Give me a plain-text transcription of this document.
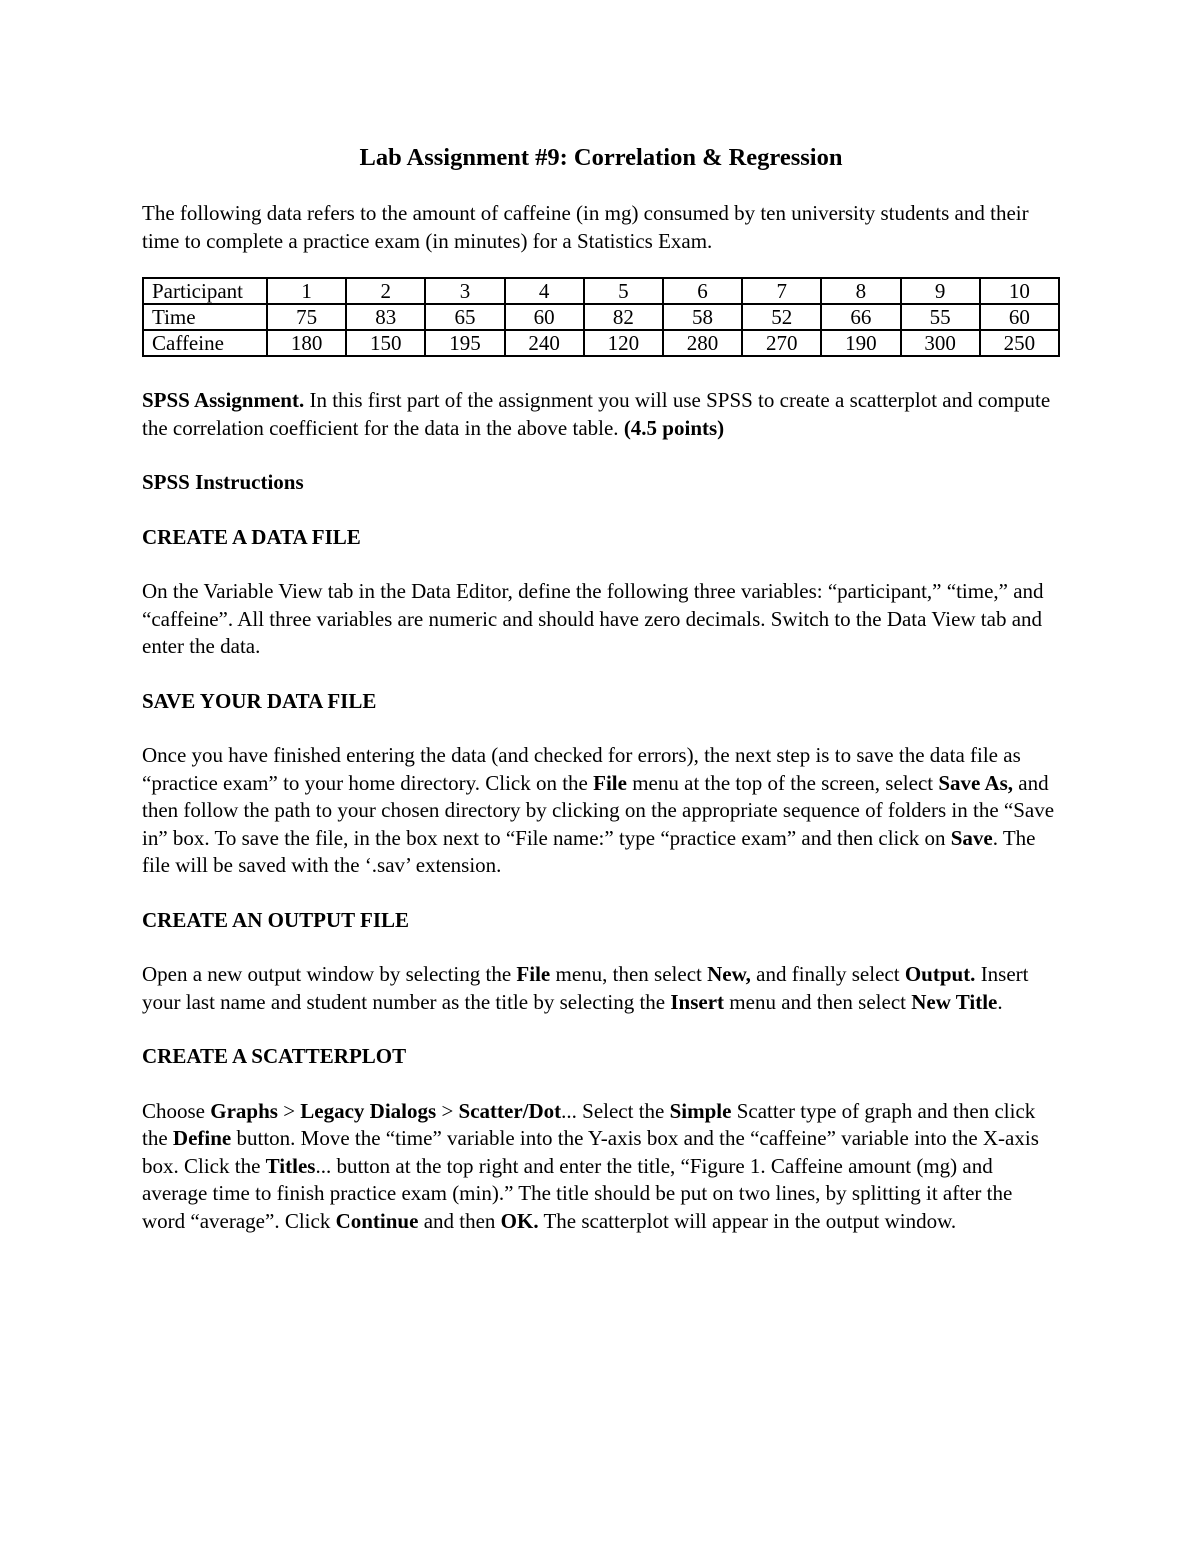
Lab Assignment #9: Correlation & Regression

The following data refers to the amount of caffeine (in mg) consumed by ten university students and their time to complete a practice exam (in minutes) for a Statistics Exam.

Participant	1	2	3	4	5	6	7	8	9	10
Time	75	83	65	60	82	58	52	66	55	60
Caffeine	180	150	195	240	120	280	270	190	300	250

SPSS Assignment. In this first part of the assignment you will use SPSS to create a scatterplot and compute the correlation coefficient for the data in the above table. (4.5 points)

SPSS Instructions

CREATE A DATA FILE

On the Variable View tab in the Data Editor, define the following three variables: “participant,” “time,” and “caffeine”. All three variables are numeric and should have zero decimals. Switch to the Data View tab and enter the data.

SAVE YOUR DATA FILE

Once you have finished entering the data (and checked for errors), the next step is to save the data file as “practice exam” to your home directory. Click on the File menu at the top of the screen, select Save As, and then follow the path to your chosen directory by clicking on the appropriate sequence of folders in the “Save in” box. To save the file, in the box next to “File name:” type “practice exam” and then click on Save. The file will be saved with the ‘.sav’ extension.

CREATE AN OUTPUT FILE

Open a new output window by selecting the File menu, then select New, and finally select Output. Insert your last name and student number as the title by selecting the Insert menu and then select New Title.

CREATE A SCATTERPLOT

Choose Graphs > Legacy Dialogs > Scatter/Dot... Select the Simple Scatter type of graph and then click the Define button. Move the “time” variable into the Y-axis box and the “caffeine” variable into the X-axis box. Click the Titles... button at the top right and enter the title, “Figure 1. Caffeine amount (mg) and average time to finish practice exam (min).” The title should be put on two lines, by splitting it after the word “average”. Click Continue and then OK. The scatterplot will appear in the output window.
